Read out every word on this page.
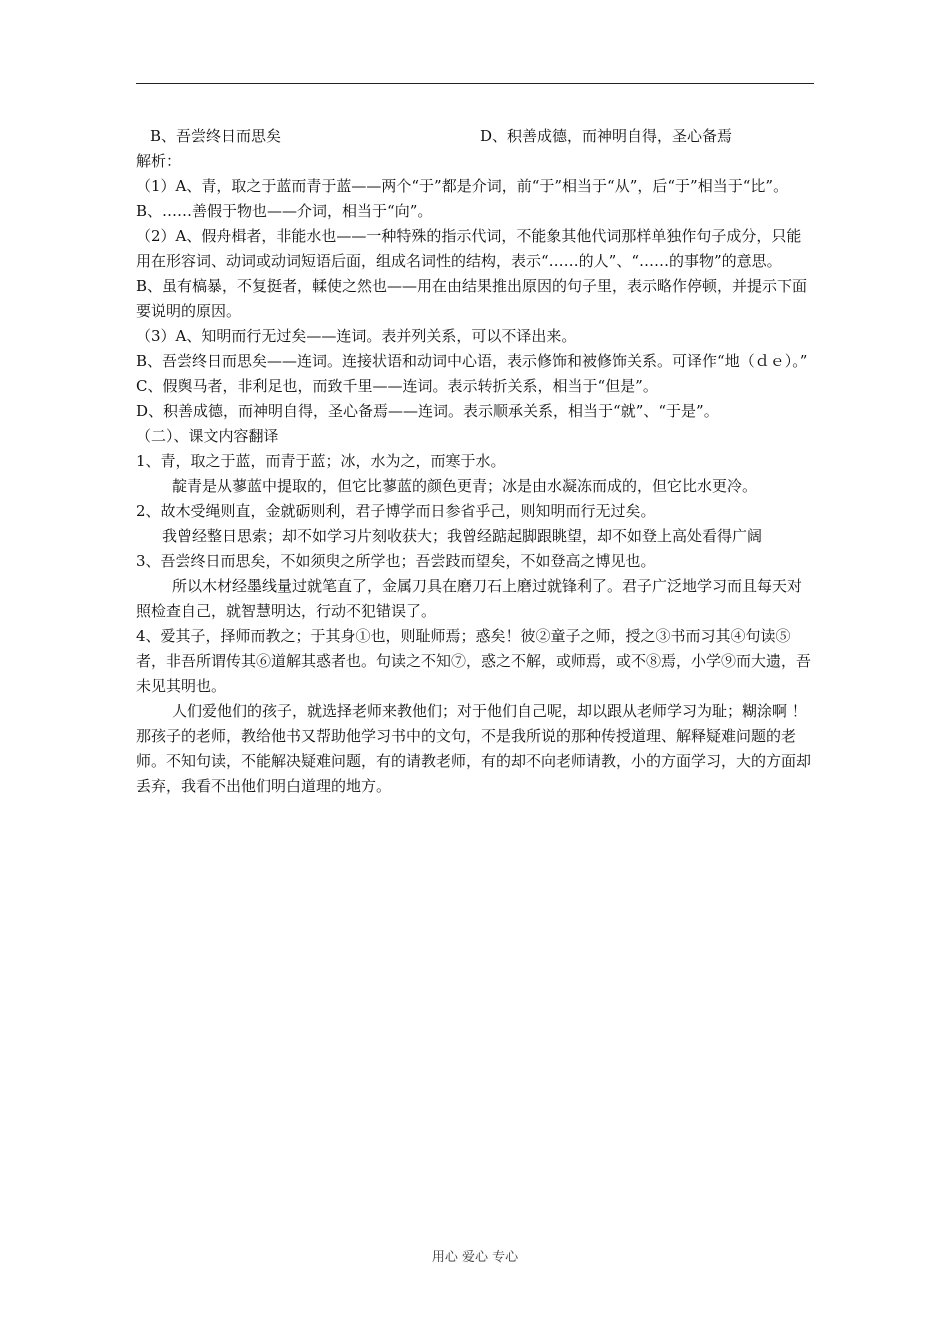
B、吾尝终日而思矣	D、积善成德，而神明自得，圣心备焉
解析：
（1）A、青，取之于蓝而青于蓝——两个“于”都是介词，前“于”相当于“从”，后“于”相当于“比”。B、……善假于物也——介词，相当于“向”。
（2）A、假舟楫者，非能水也——一种特殊的指示代词，不能象其他代词那样单独作句子成分，只能用在形容词、动词或动词短语后面，组成名词性的结构，表示“……的人”、“……的事物”的意思。
B、虽有槁暴，不复挺者，輮使之然也——用在由结果推出原因的句子里，表示略作停顿，并提示下面要说明的原因。
（3）A、知明而行无过矣——连词。表并列关系，可以不译出来。
B、吾尝终日而思矣——连词。连接状语和动词中心语，表示修饰和被修饰关系。可译作“地（ｄｅ）。”
C、假舆马者，非利足也，而致千里——连词。表示转折关系，相当于“但是”。
D、积善成德，而神明自得，圣心备焉——连词。表示顺承关系，相当于“就”、“于是”。
（二）、课文内容翻译
1、青，取之于蓝，而青于蓝；冰，水为之，而寒于水。
靛青是从蓼蓝中提取的，但它比蓼蓝的颜色更青；冰是由水凝冻而成的，但它比水更冷。
2、故木受绳则直，金就砺则利，君子博学而日参省乎己，则知明而行无过矣。
我曾经整日思索；却不如学习片刻收获大；我曾经踮起脚跟眺望，却不如登上高处看得广阔
3、吾尝终日而思矣，不如须臾之所学也；吾尝跂而望矣，不如登高之博见也。
所以木材经墨线量过就笔直了，金属刀具在磨刀石上磨过就锋利了。君子广泛地学习而且每天对照检查自己，就智慧明达，行动不犯错误了。
4、爱其子，择师而教之；于其身①也，则耻师焉；惑矣！彼②童子之师，授之③书而习其④句读⑤者，非吾所谓传其⑥道解其惑者也。句读之不知⑦，惑之不解，或师焉，或不⑧焉，小学⑨而大遗，吾未见其明也。
人们爱他们的孩子，就选择老师来教他们；对于他们自己呢，却以跟从老师学习为耻；糊涂啊 ！那孩子的老师，教给他书又帮助他学习书中的文句，不是我所说的那种传授道理、解释疑难问题的老师。不知句读，不能解决疑难问题，有的请教老师，有的却不向老师请教，小的方面学习，大的方面却丢弃，我看不出他们明白道理的地方。
用心 爱心 专心
